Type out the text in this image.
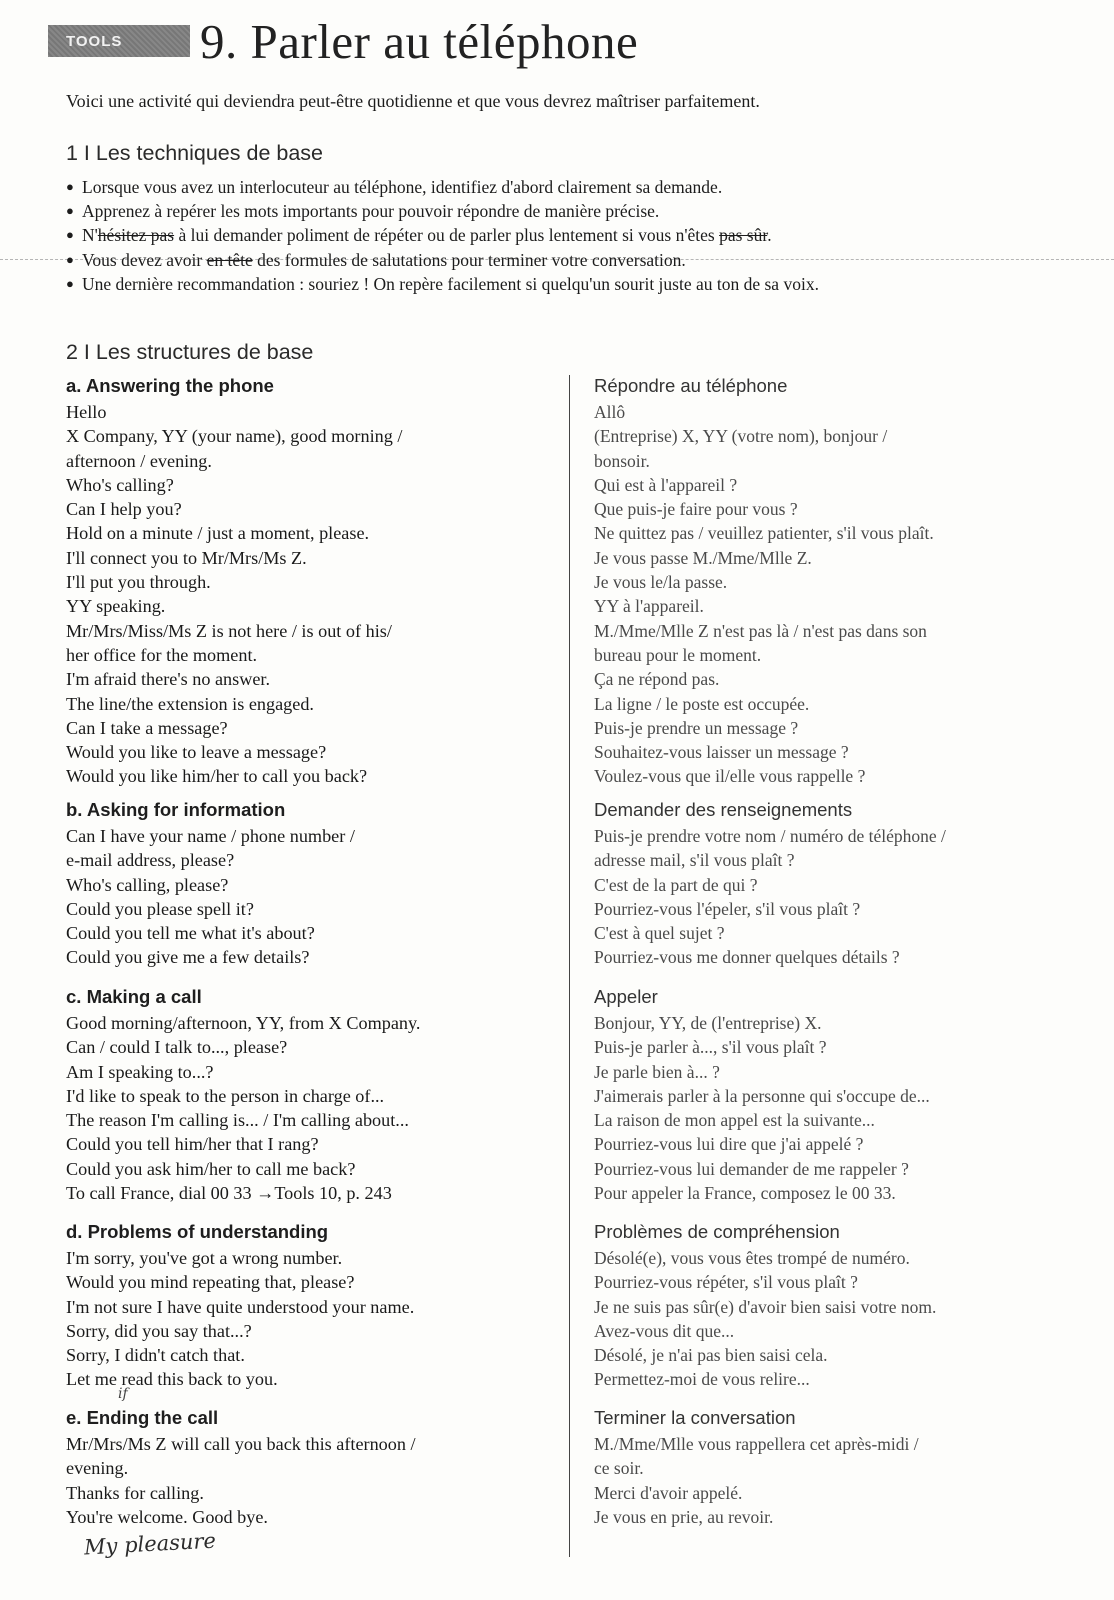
TOOLS	9. Parler au téléphone
Voici une activité qui deviendra peut-être quotidienne et que vous devrez maîtriser parfaitement.
1 I Les techniques de base
● Lorsque vous avez un interlocuteur au téléphone, identifiez d'abord clairement sa demande.
● Apprenez à repérer les mots importants pour pouvoir répondre de manière précise.
● N'hésitez pas à lui demander poliment de répéter ou de parler plus lentement si vous n'êtes pas sûr.
● Vous devez avoir en tête des formules de salutations pour terminer votre conversation.
● Une dernière recommandation : souriez ! On repère facilement si quelqu'un sourit juste au ton de sa voix.
2 I Les structures de base
a. Answering the phone
Hello
X Company, YY (your name), good morning /
afternoon / evening.
Who's calling?
Can I help you?
Hold on a minute / just a moment, please.
I'll connect you to Mr/Mrs/Ms Z.
I'll put you through.
YY speaking.
Mr/Mrs/Miss/Ms Z is not here / is out of his/
her office for the moment.
I'm afraid there's no answer.
The line/the extension is engaged.
Can I take a message?
Would you like to leave a message?
Would you like him/her to call you back?
b. Asking for information
Can I have your name / phone number /
e-mail address, please?
Who's calling, please?
Could you please spell it?
Could you tell me what it's about?
Could you give me a few details?
c. Making a call
Good morning/afternoon, YY, from X Company.
Can / could I talk to..., please?
Am I speaking to...?
I'd like to speak to the person in charge of...
The reason I'm calling is... / I'm calling about...
Could you tell him/her that I rang?
Could you ask him/her to call me back?
To call France, dial 00 33 →Tools 10, p. 243
d. Problems of understanding
I'm sorry, you've got a wrong number.
Would you mind repeating that, please?
I'm not sure I have quite understood your name.
Sorry, did you say that...?
Sorry, I didn't catch that.
Let me read this back to you.
e. Ending the call
Mr/Mrs/Ms Z will call you back this afternoon /
evening.
Thanks for calling.
You're welcome. Good bye.
Répondre au téléphone
Allô
(Entreprise) X, YY (votre nom), bonjour /
bonsoir.
Qui est à l'appareil ?
Que puis-je faire pour vous ?
Ne quittez pas / veuillez patienter, s'il vous plaît.
Je vous passe M./Mme/Mlle Z.
Je vous le/la passe.
YY à l'appareil.
M./Mme/Mlle Z n'est pas là / n'est pas dans son
bureau pour le moment.
Ça ne répond pas.
La ligne / le poste est occupée.
Puis-je prendre un message ?
Souhaitez-vous laisser un message ?
Voulez-vous que il/elle vous rappelle ?
Demander des renseignements
Puis-je prendre votre nom / numéro de téléphone /
adresse mail, s'il vous plaît ?
C'est de la part de qui ?
Pourriez-vous l'épeler, s'il vous plaît ?
C'est à quel sujet ?
Pourriez-vous me donner quelques détails ?
Appeler
Bonjour, YY, de (l'entreprise) X.
Puis-je parler à..., s'il vous plaît ?
Je parle bien à... ?
J'aimerais parler à la personne qui s'occupe de...
La raison de mon appel est la suivante...
Pourriez-vous lui dire que j'ai appelé ?
Pourriez-vous lui demander de me rappeler ?
Pour appeler la France, composez le 00 33.
Problèmes de compréhension
Désolé(e), vous vous êtes trompé de numéro.
Pourriez-vous répéter, s'il vous plaît ?
Je ne suis pas sûr(e) d'avoir bien saisi votre nom.
Avez-vous dit que...
Désolé, je n'ai pas bien saisi cela.
Permettez-moi de vous relire...
Terminer la conversation
M./Mme/Mlle vous rappellera cet après-midi /
ce soir.
Merci d'avoir appelé.
Je vous en prie, au revoir.
if
My pleasure
